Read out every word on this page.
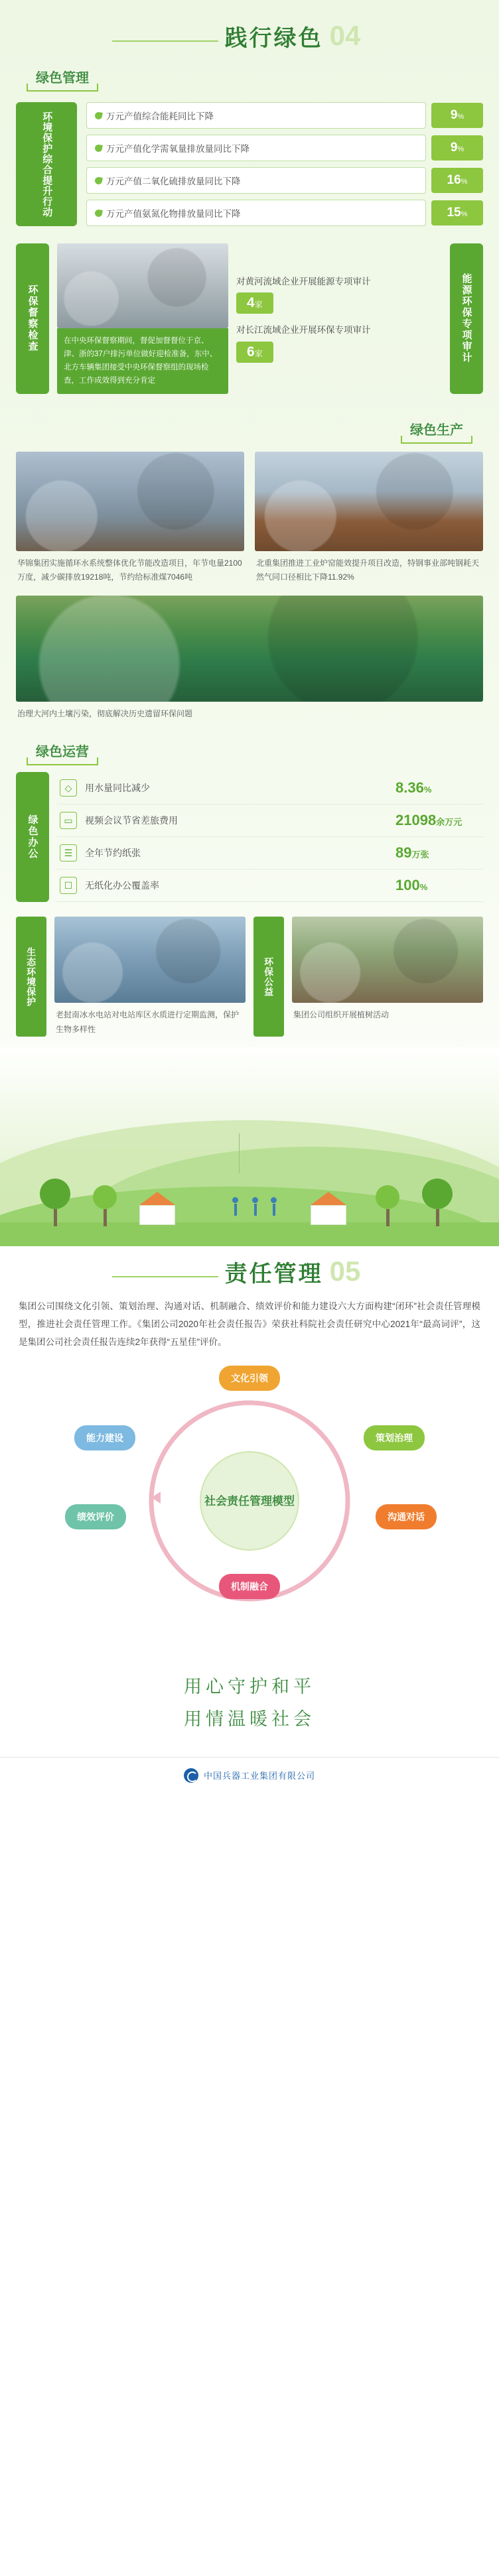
践行绿色 04
绿色管理
环境保护综合提升行动	万元产值综合能耗同比下降	9%
万元产值化学需氧量排放量同比下降	9%
万元产值二氧化硫排放量同比下降	16%
万元产值氨氮化物排放量同比下降	15%
环保督察检查	在中央环保督察期间，督促加督督位于京、津、浙的37户排污单位做好迎检准备，东中、北方车辆集团接受中央环保督察组的现场检查，工作成效得到充分肯定
对黄河流域企业开展能源专项审计
4家
对长江流域企业开展环保专项审计
6家	能源环保专项审计
绿色生产
华锦集团实施循环水系统整体优化节能改造项目，年节电量2100万度，减少碳排放19218吨，节约给标准煤7046吨
北重集团推进工业炉窑能效提升项目改造，特钢事业部吨钢耗天然气同口径相比下降11.92%
治理大河内土壤污染，彻底解决历史遗留环保问题
绿色运营
绿色办公
◇	用水量同比减少	8.36%
▭	视频会议节省差旅费用	21098余万元
☰	全年节约纸张	89万张
☐	无纸化办公覆盖率	100%
生态环境保护
老挝南冰水电站对电站库区水质进行定期监测，保护生物多样性
环保公益
集团公司组织开展植树活动
责任管理 05
集团公司围绕文化引领、策划治理、沟通对话、机制融合、绩效评价和能力建设六大方面构建“闭环”社会责任管理模型，推进社会责任管理工作。《集团公司2020年社会责任报告》荣获社科院社会责任研究中心2021年“最高词评”，这是集团公司社会责任报告连续2年获得“五星佳”评价。
社会责任管理模型
文化引领
策划治理
沟通对话
机制融合
绩效评价
能力建设
用心守护和平
用情温暖社会
中国兵器工业集团有限公司
